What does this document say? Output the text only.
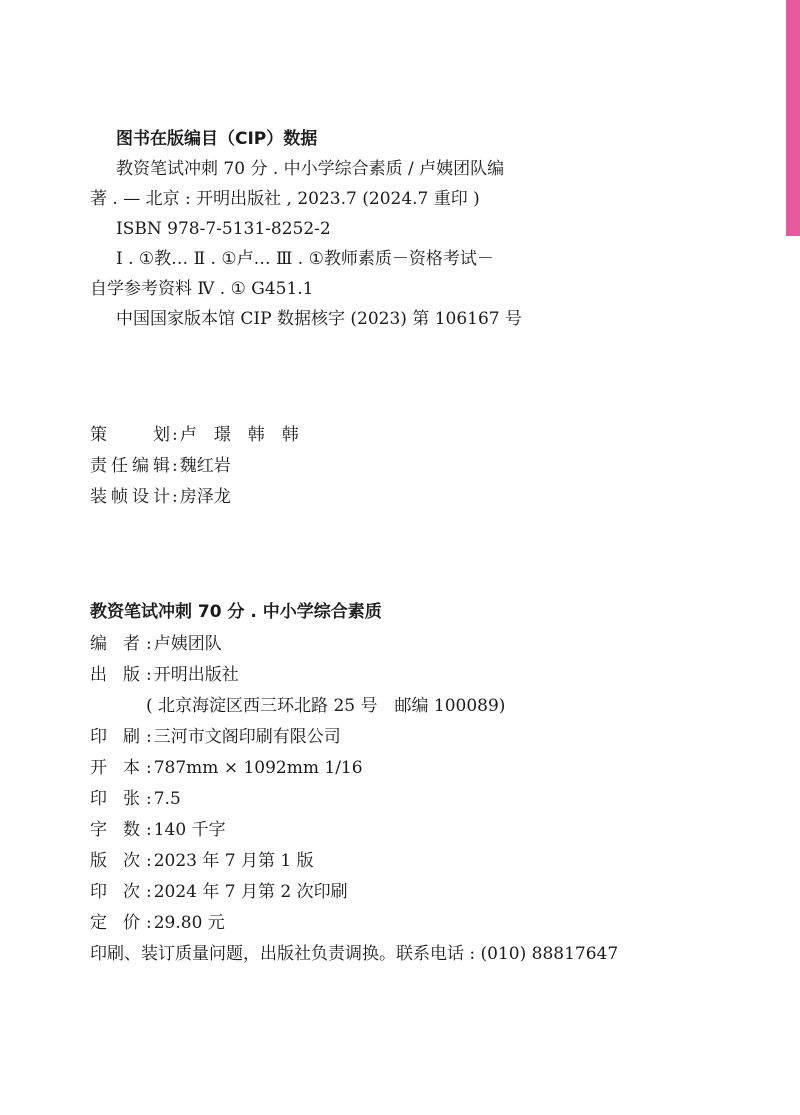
图书在版编目（CIP）数据
教资笔试冲刺 70 分 . 中小学综合素质 / 卢姨团队编
著 . — 北京 : 开明出版社 , 2023.7 (2024.7 重印 )
ISBN 978-7-5131-8252-2
Ⅰ . ①教… Ⅱ . ①卢… Ⅲ . ①教师素质－资格考试－
自学参考资料 Ⅳ . ① G451.1
中国国家版本馆 CIP 数据核字 (2023) 第 106167 号
策	划 : 卢　璟　韩　韩
责 任 编 辑 : 魏红岩
装 帧 设 计 : 房泽龙
教资笔试冲刺 70 分 . 中小学综合素质
编 者 : 卢姨团队
出 版 : 开明出版社
( 北京海淀区西三环北路 25 号　邮编 100089)
印 刷 : 三河市文阁印刷有限公司
开 本 : 787mm × 1092mm 1/16
印 张 : 7.5
字 数 : 140 千字
版 次 : 2023 年 7 月第 1 版
印 次 : 2024 年 7 月第 2 次印刷
定 价 : 29.80 元
印刷、装订质量问题，出版社负责调换。联系电话 : (010) 88817647
